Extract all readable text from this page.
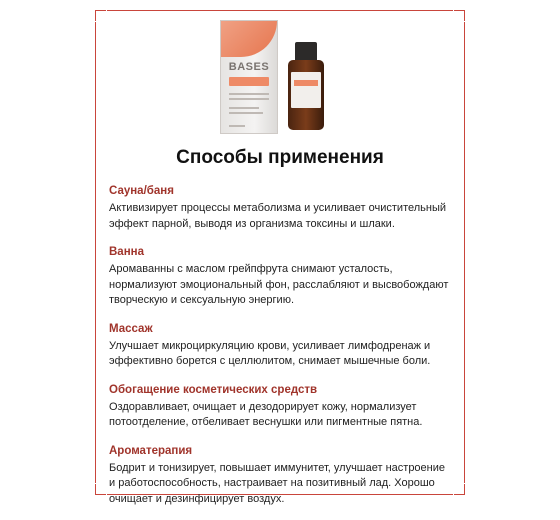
BASES
Способы применения
Сауна/баня

Активизирует процессы метаболизма и усиливает очистительный эффект парной, выводя из организма токсины и шлаки.

Ванна

Аромаванны с маслом грейпфрута снимают усталость, нормализуют эмоциональный фон, расслабляют и высвобождают творческую и сексуальную энергию.

Массаж

Улучшает микроциркуляцию крови, усиливает лимфодренаж и эффективно борется с целлюлитом, снимает мышечные боли.

Обогащение косметических средств

Оздоравливает, очищает и дезодорирует кожу, нормализует потоотделение, отбеливает веснушки или пигментные пятна.

Ароматерапия

Бодрит и тонизирует, повышает иммунитет, улучшает настроение и работоспособность, настраивает на позитивный лад. Хорошо очищает и дезинфицирует воздух.
